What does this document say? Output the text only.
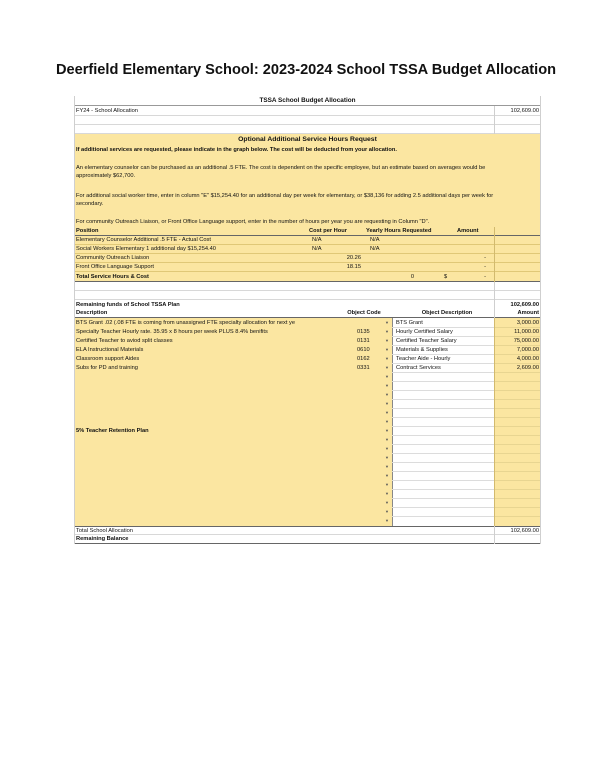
Deerfield Elementary School: 2023-2024 School TSSA Budget Allocation
TSSA School Budget Allocation
FY24 - School Allocation	102,609.00
Optional Additional Service Hours Request
If additional services are requested, please indicate in the graph below. The cost will be deducted from your allocation.
An elementary counselor can be purchased as an additional .5 FTE. The cost is dependent on the specific employee, but an estimate based on averages would be
approximately $62,700.
For additional social worker time, enter in column "E" $15,254.40 for an additional day per week for elementary, or $38,136 for adding 2.5 additional days per week for
secondary.
For community Outreach Liaison, or Front Office Language support, enter in the number of hours per year you are requesting in Column "D".
Position	Cost per Hour	Yearly Hours Requested	Amount
Elementary Counselor Additional .5 FTE - Actual Cost	N/A	N/A
Social Workers Elementary 1 additional day $15,254.40	N/A	N/A
Community Outreach Liaison	20.26	-
Front Office Language Support	18.15	-
Total Service Hours & Cost	0	$	-
Remaining funds of School TSSA Plan	102,609.00
Description	Object Code	Object Description	Amount
BTS Grant .02 (.08 FTE is coming from unassigned FTE specialty allocation for next ye	BTS Grant	3,000.00
Specialty Teacher Hourly rate. 35.95 x 8 hours per week PLUS 8.4% benifits	0135	Hourly Certified Salary	11,000.00
Certified Teacher to aviod split classes	0131	Certified Teacher Salary	75,000.00
ELA Instructional Materials	0610	Materials & Supplies	7,000.00
Classroom support Aides	0162	Teacher Aide - Hourly	4,000.00
Subs for PD and training	0331	Contract Services	2,609.00
5% Teacher Retention Plan
▼
▼
▼
▼
▼
▼
▼
▼
▼
▼
▼
▼
▼
▼
▼
▼
▼
▼
▼
▼
▼
▼
▼
Total School Allocation	102,609.00
Remaining Balance
